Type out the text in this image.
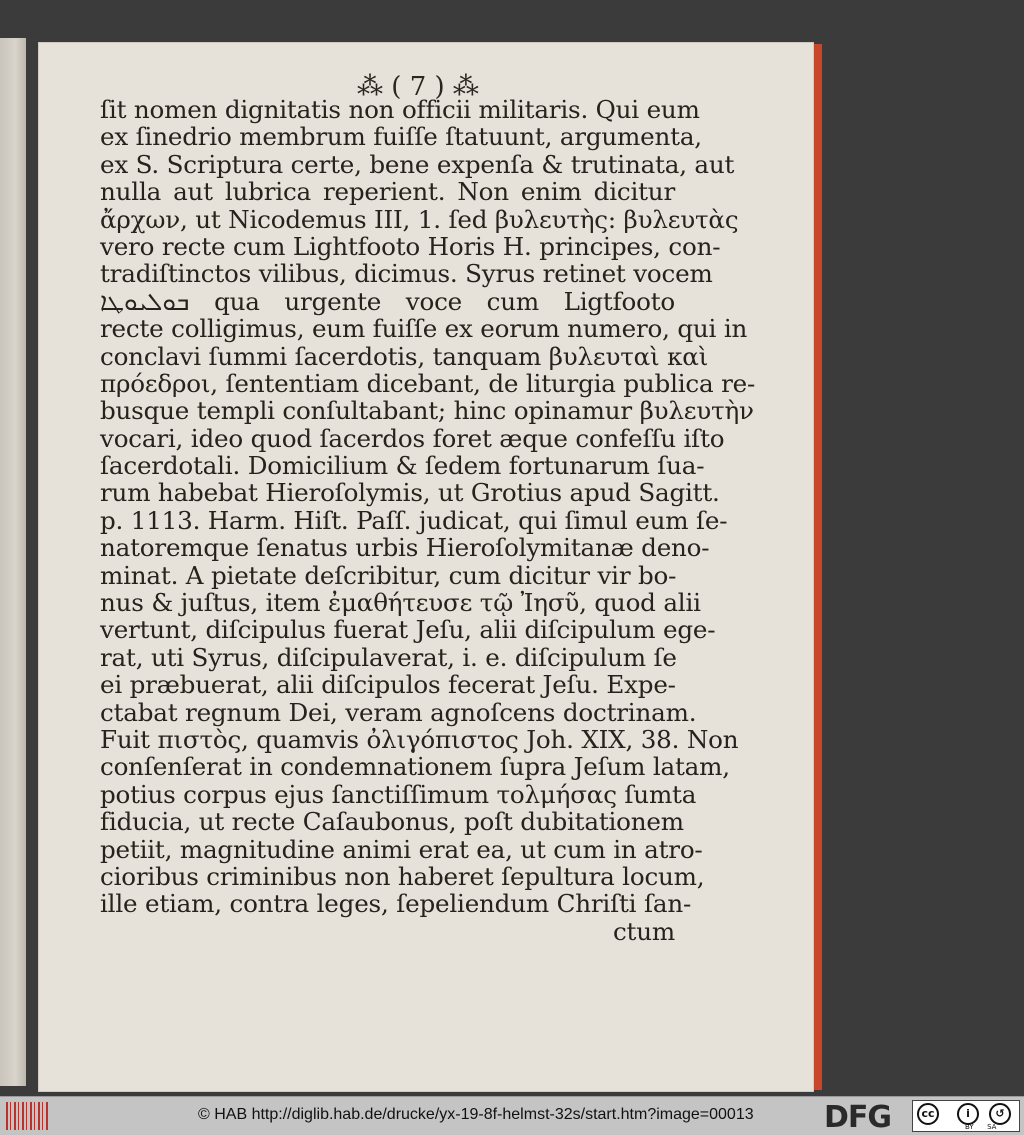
⁂ ( 7 ) ⁂
ſit nomen dignitatis non officii militaris. Qui eum
ex ſinedrio membrum fuiſſe ſtatuunt, argumenta,
ex S. Scriptura certe, bene expenſa & trutinata, aut
nulla aut lubrica reperient. Non enim dicitur
ἄρχων, ut Nicodemus III, 1. ſed βυλευτὴς: βυλευτὰς
vero recte cum Lightfooto Horis H. principes, con-
tradiſtinctos vilibus, dicimus. Syrus retinet vocem
ܒܘܠܝܘܛܐ qua urgente voce cum Ligtfooto
recte colligimus, eum fuiſſe ex eorum numero, qui in
conclavi ſummi ſacerdotis, tanquam βυλευταὶ καὶ
πρόεδροι, ſententiam dicebant, de liturgia publica re-
busque templi conſultabant; hinc opinamur βυλευτὴν
vocari, ideo quod ſacerdos foret æque confeſſu iſto
ſacerdotali. Domicilium & ſedem fortunarum ſua-
rum habebat Hieroſolymis, ut Grotius apud Sagitt.
p. 1113. Harm. Hiſt. Paſſ. judicat, qui ſimul eum ſe-
natoremque ſenatus urbis Hieroſolymitanæ deno-
minat. A pietate deſcribitur, cum dicitur vir bo-
nus & juſtus, item ἐμαθήτευσε τῷ Ἰησῦ, quod alii
vertunt, diſcipulus fuerat Jeſu, alii diſcipulum ege-
rat, uti Syrus, diſcipulaverat, i. e. diſcipulum ſe
ei præbuerat, alii diſcipulos fecerat Jeſu. Expe-
ctabat regnum Dei, veram agnoſcens doctrinam.
Fuit πιστὸς, quamvis ὀλιγόπιστος Joh. XIX, 38. Non
conſenſerat in condemnationem ſupra Jeſum latam,
potius corpus ejus ſanctiſſimum τολμήσας ſumta
fiducia, ut recte Caſaubonus, poſt dubitationem
petiit, magnitudine animi erat ea, ut cum in atro-
cioribus criminibus non haberet ſepultura locum,
ille etiam, contra leges, ſepeliendum Chriſti ſan-
ctum
© HAB http://diglib.hab.de/drucke/yx-19-8f-helmst-32s/start.htm?image=00013 DFG	cc	i	↺
BY SA
